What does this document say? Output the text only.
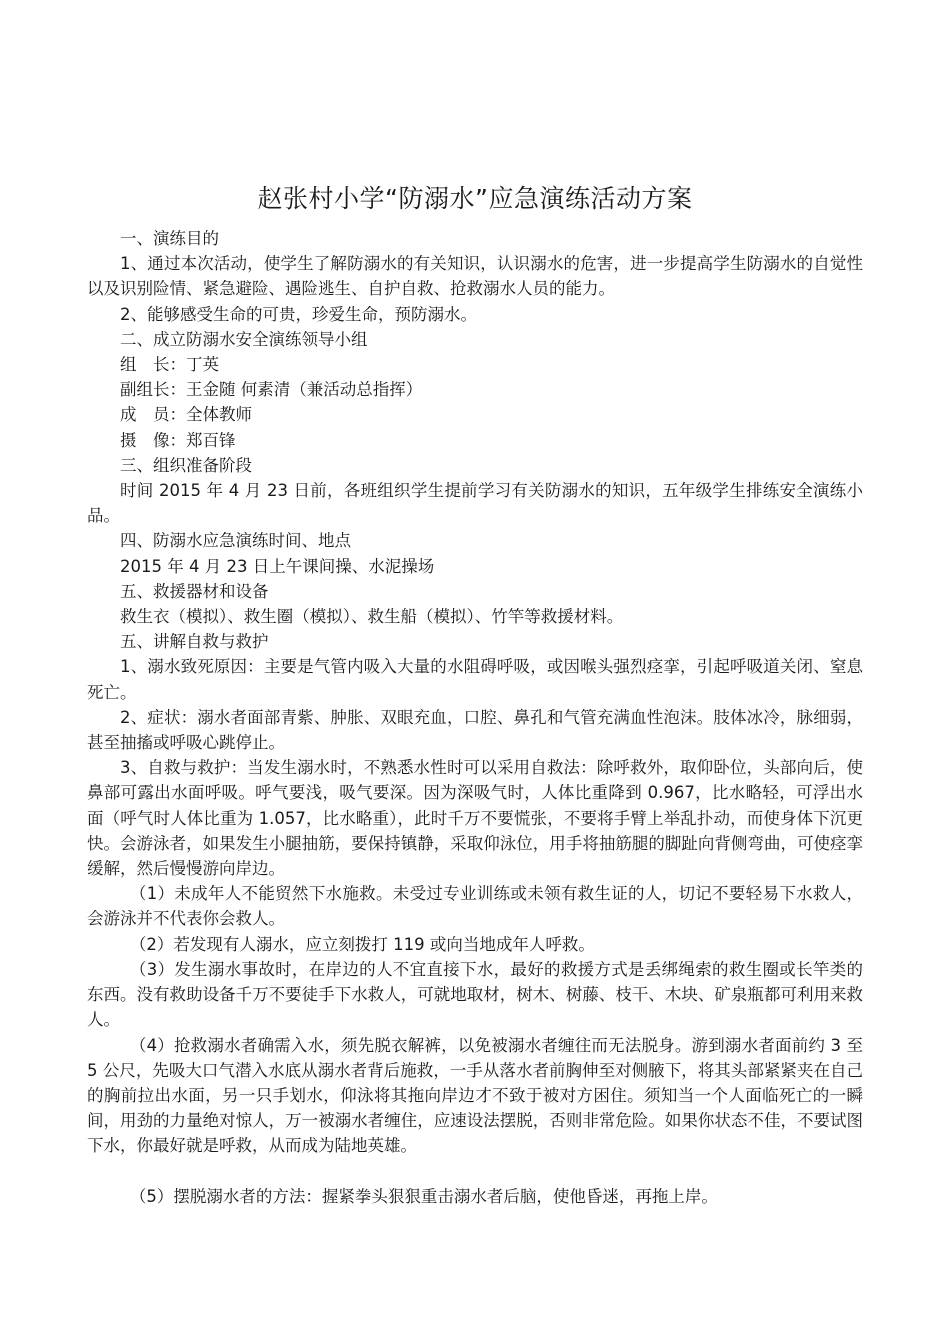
赵张村小学“防溺水”应急演练活动方案

一、演练目的

1、通过本次活动，使学生了解防溺水的有关知识，认识溺水的危害，进一步提高学生防溺水的自觉性以及识别险情、紧急避险、遇险逃生、自护自救、抢救溺水人员的能力。

2、能够感受生命的可贵，珍爱生命，预防溺水。

二、成立防溺水安全演练领导小组

组　长：丁英

副组长：王金随 何素清（兼活动总指挥）

成　员：全体教师

摄　像：郑百锋

三、组织准备阶段

时间 2015 年 4 月 23 日前，各班组织学生提前学习有关防溺水的知识，五年级学生排练安全演练小品。

四、防溺水应急演练时间、地点

2015 年 4 月 23 日上午课间操、水泥操场

五、救援器材和设备

救生衣（模拟）、救生圈（模拟）、救生船（模拟）、竹竿等救援材料。

五、讲解自救与救护

1、溺水致死原因：主要是气管内吸入大量的水阻碍呼吸，或因喉头强烈痉挛，引起呼吸道关闭、窒息死亡。

2、症状：溺水者面部青紫、肿胀、双眼充血，口腔、鼻孔和气管充满血性泡沫。肢体冰冷，脉细弱，甚至抽搐或呼吸心跳停止。

3、自救与救护：当发生溺水时，不熟悉水性时可以采用自救法：除呼救外，取仰卧位，头部向后，使鼻部可露出水面呼吸。呼气要浅，吸气要深。因为深吸气时，人体比重降到 0.967，比水略轻，可浮出水面（呼气时人体比重为 1.057，比水略重），此时千万不要慌张，不要将手臂上举乱扑动，而使身体下沉更快。会游泳者，如果发生小腿抽筋，要保持镇静，采取仰泳位，用手将抽筋腿的脚趾向背侧弯曲，可使痉挛缓解，然后慢慢游向岸边。

（1）未成年人不能贸然下水施救。未受过专业训练或未领有救生证的人，切记不要轻易下水救人，会游泳并不代表你会救人。

（2）若发现有人溺水，应立刻拨打 119 或向当地成年人呼救。

（3）发生溺水事故时，在岸边的人不宜直接下水，最好的救援方式是丢绑绳索的救生圈或长竿类的东西。没有救助设备千万不要徒手下水救人，可就地取材，树木、树藤、枝干、木块、矿泉瓶都可利用来救人。

（4）抢救溺水者确需入水，须先脱衣解裤，以免被溺水者缠往而无法脱身。游到溺水者面前约 3 至 5 公尺，先吸大口气潜入水底从溺水者背后施救，一手从落水者前胸伸至对侧腋下，将其头部紧紧夹在自己的胸前拉出水面，另一只手划水，仰泳将其拖向岸边才不致于被对方困住。须知当一个人面临死亡的一瞬间，用劲的力量绝对惊人，万一被溺水者缠住，应速设法摆脱，否则非常危险。如果你状态不佳，不要试图下水，你最好就是呼救，从而成为陆地英雄。

（5）摆脱溺水者的方法：握紧拳头狠狠重击溺水者后脑，使他昏迷，再拖上岸。
